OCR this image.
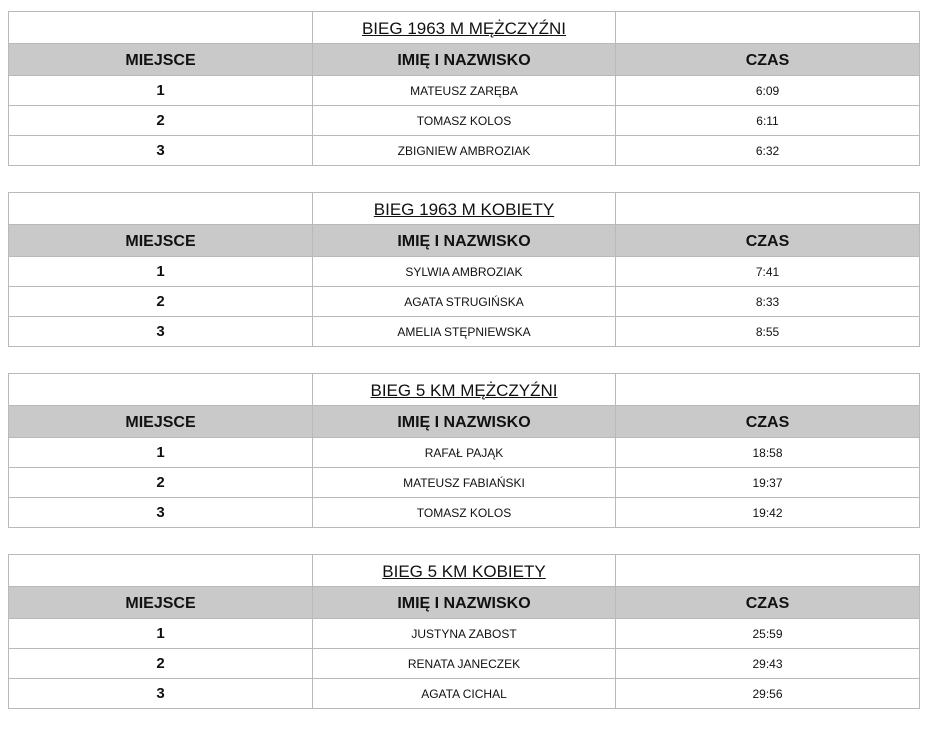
	BIEG 1963 M MĘŻCZYŹNI	
MIEJSCE	IMIĘ I NAZWISKO	CZAS
1	MATEUSZ ZARĘBA	6:09
2	TOMASZ KOLOS	6:11
3	ZBIGNIEW AMBROZIAK	6:32
	BIEG 1963 M KOBIETY	
MIEJSCE	IMIĘ I NAZWISKO	CZAS
1	SYLWIA AMBROZIAK	7:41
2	AGATA STRUGIŃSKA	8:33
3	AMELIA STĘPNIEWSKA	8:55
	BIEG 5 KM MĘŻCZYŹNI	
MIEJSCE	IMIĘ I NAZWISKO	CZAS
1	RAFAŁ PAJĄK	18:58
2	MATEUSZ FABIAŃSKI	19:37
3	TOMASZ KOLOS	19:42
	BIEG 5 KM KOBIETY	
MIEJSCE	IMIĘ I NAZWISKO	CZAS
1	JUSTYNA ZABOST	25:59
2	RENATA JANECZEK	29:43
3	AGATA CICHAL	29:56
